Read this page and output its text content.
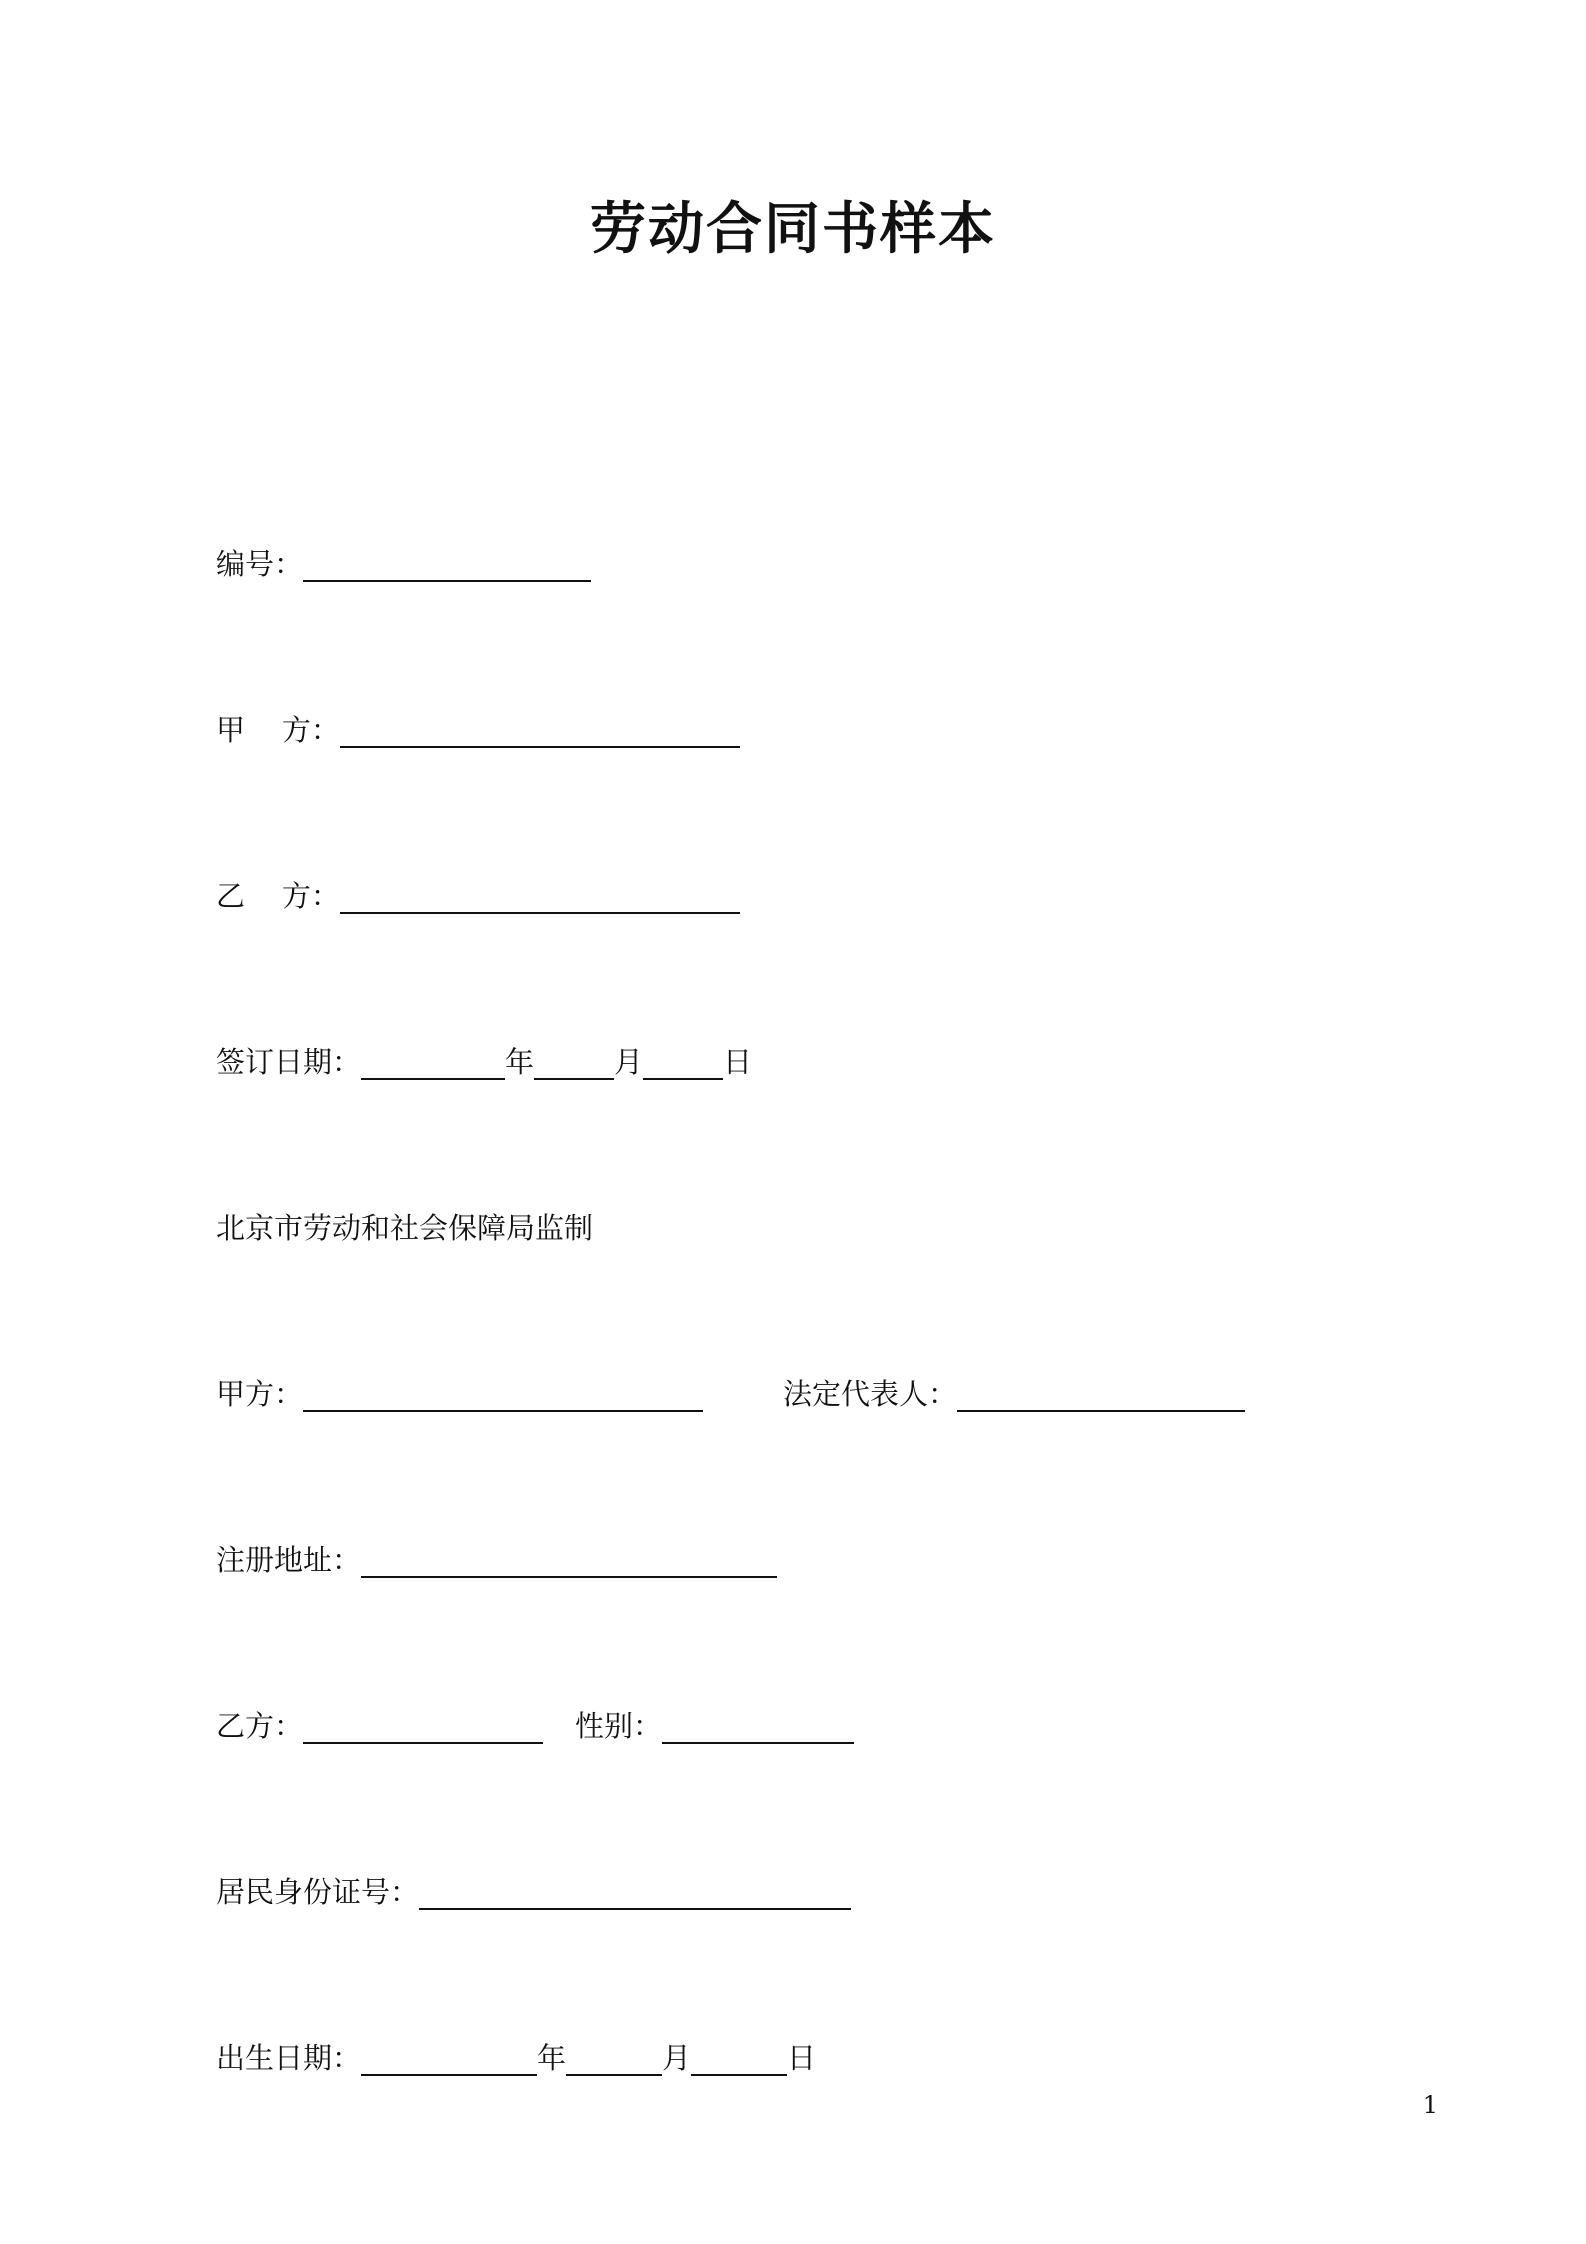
劳动合同书样本
编号：
甲    方：
乙    方：
签订日期：	年	月	日
北京市劳动和社会保障局监制
甲方：	法定代表人：
注册地址：
乙方：	性别：
居民身份证号：
出生日期：	年	月	日
1
